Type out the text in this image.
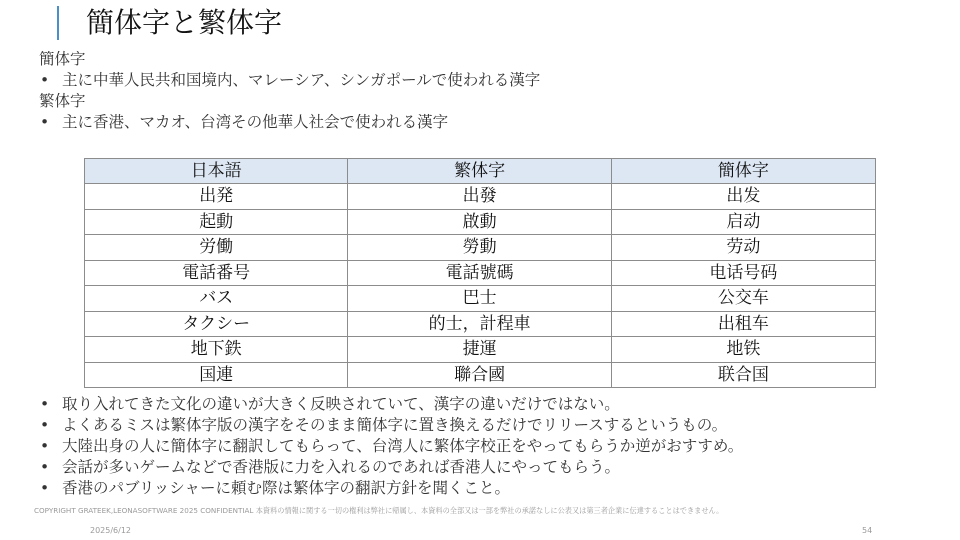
簡体字と繁体字
簡体字
• 主に中華人民共和国境内、マレーシア、シンガポールで使われる漢字
繁体字
• 主に香港、マカオ、台湾その他華人社会で使われる漢字
日本語	繁体字	簡体字
出発	出發	出发
起動	啟動	启动
労働	勞動	劳动
電話番号	電話號碼	电话号码
バス	巴士	公交车
タクシー	的士，計程車	出租车
地下鉄	捷運	地铁
国連	聯合國	联合国
• 取り入れてきた文化の違いが大きく反映されていて、漢字の違いだけではない。
• よくあるミスは繁体字版の漢字をそのまま簡体字に置き換えるだけでリリースするというもの。
• 大陸出身の人に簡体字に翻訳してもらって、台湾人に繁体字校正をやってもらうか逆がおすすめ。
• 会話が多いゲームなどで香港版に力を入れるのであれば香港人にやってもらう。
• 香港のパブリッシャーに頼む際は繁体字の翻訳方針を聞くこと。
COPYRIGHT GRATEEK,LEONASOFTWARE 2025 CONFIDENTIAL 本資料の情報に関する一切の権利は弊社に帰属し、本資料の全部又は一部を弊社の承諾なしに公表又は第三者企業に伝達することはできません。
2025/6/12	54
